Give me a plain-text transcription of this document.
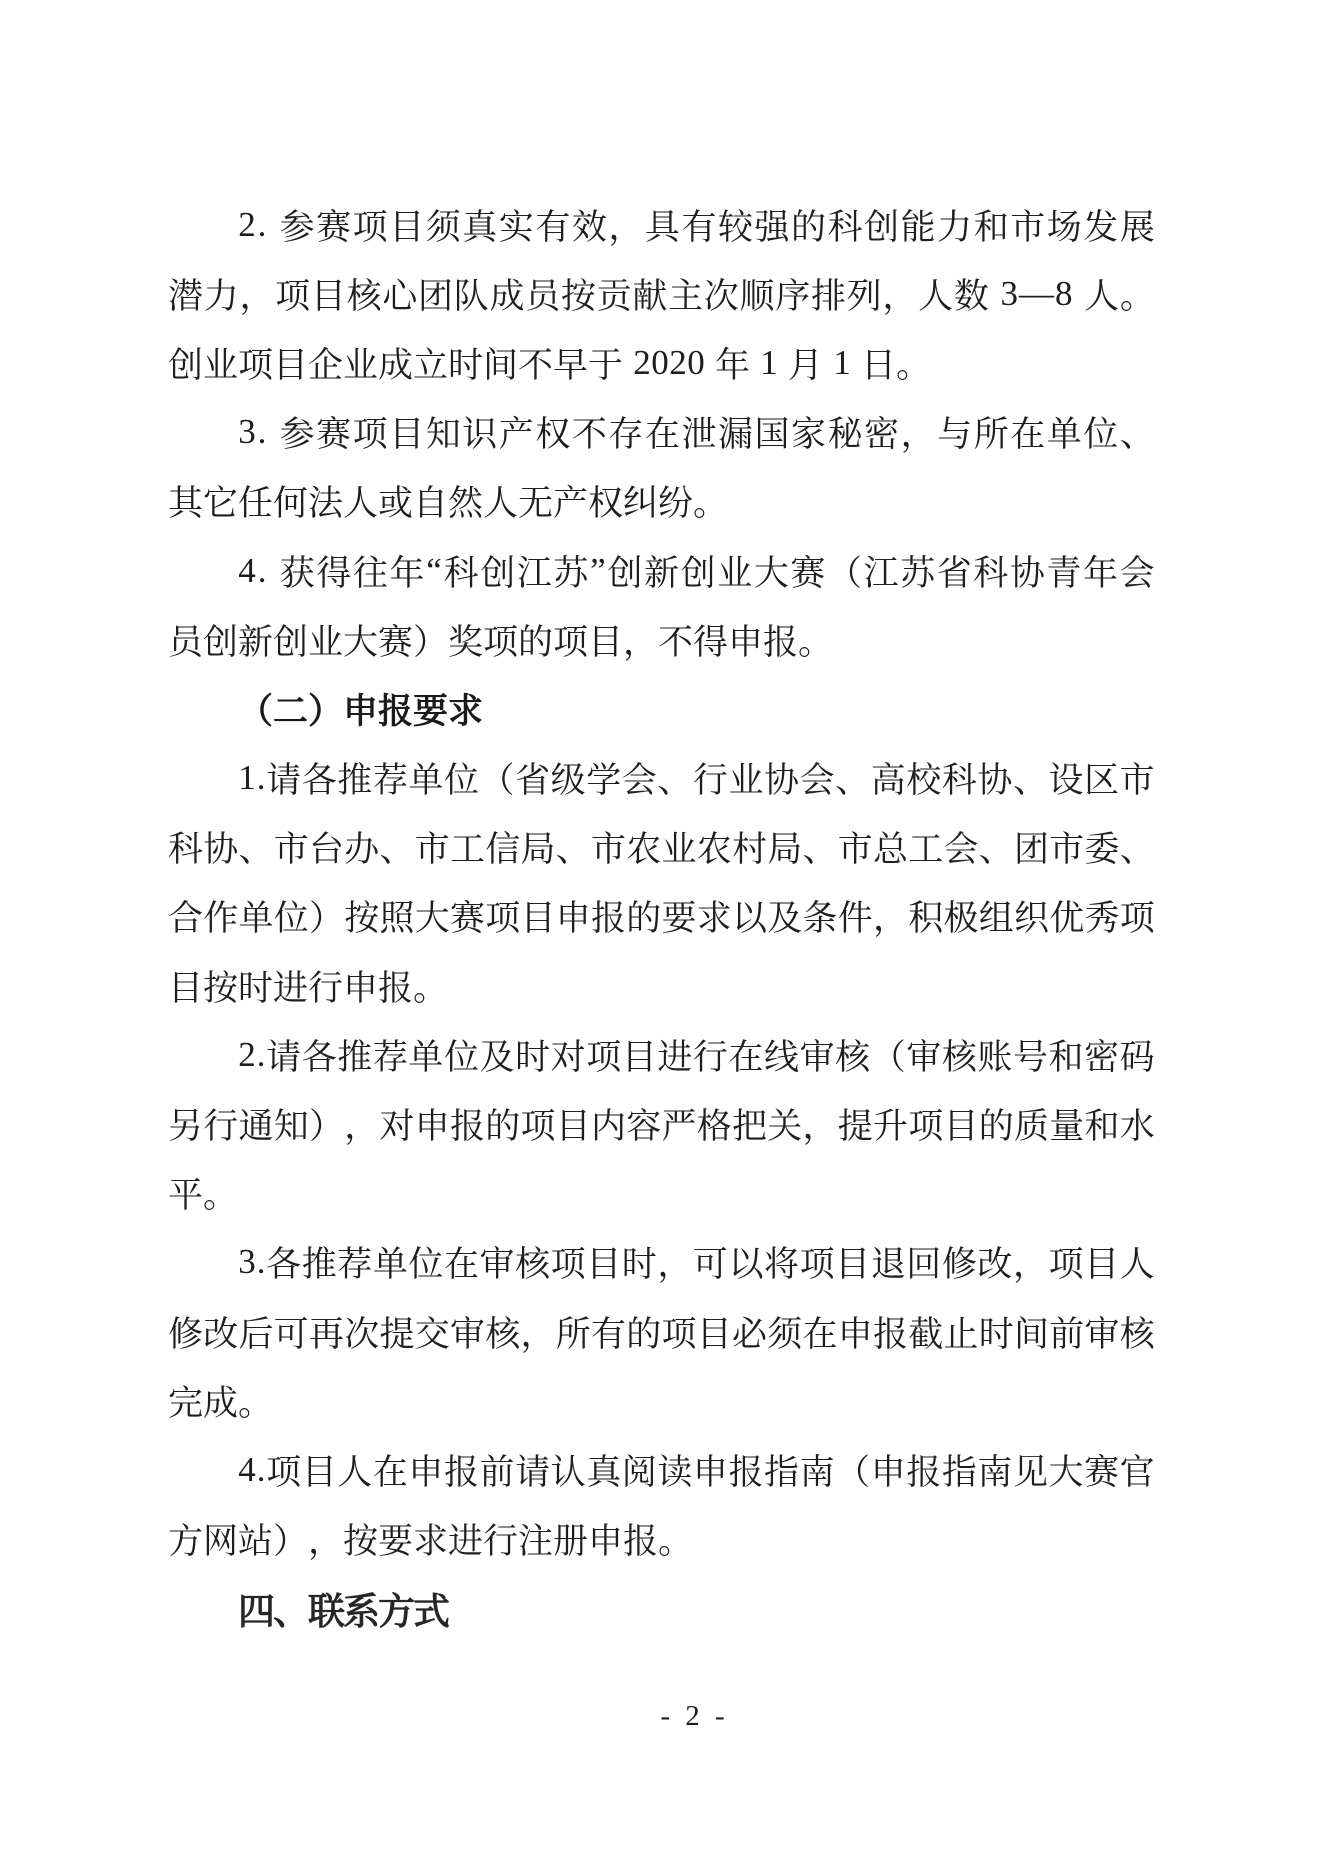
2 .
参 赛 项 目 须 真 实 有 效 ， 具 有 较 强 的 科 创 能 力 和 市 场 发 展
潜 力 ， 项 目 核 心 团 队 成 员 按 贡 献 主 次 顺 序 排 列 ， 人 数
3 — 8
人 。
创 业 项 目 企 业 成 立 时 间 不 早 于
2 0 2 0
年
1
月
1
日 。
3 .
参 赛 项 目 知 识 产 权 不 存 在 泄 漏 国 家 秘 密 ， 与 所 在 单 位 、
其 它 任 何 法 人 或 自 然 人 无 产 权 纠 纷 。
4 .
获 得 往 年 “ 科 创 江 苏 ” 创 新 创 业 大 赛 （ 江 苏 省 科 协 青 年 会
员 创 新 创 业 大 赛 ） 奖 项 的 项 目 ， 不 得 申 报 。
（ 二 ） 申 报 要 求
1 . 请 各 推 荐 单 位 （ 省 级 学 会 、 行 业 协 会 、 高 校 科 协 、 设 区 市
科 协 、 市 台 办 、 市 工 信 局 、 市 农 业 农 村 局 、 市 总 工 会 、 团 市 委 、
合 作 单 位 ） 按 照 大 赛 项 目 申 报 的 要 求 以 及 条 件 ， 积 极 组 织 优 秀 项
目 按 时 进 行 申 报 。
2 . 请 各 推 荐 单 位 及 时 对 项 目 进 行 在 线 审 核 （ 审 核 账 号 和 密 码
另 行 通 知 ） ， 对 申 报 的 项 目 内 容 严 格 把 关 ， 提 升 项 目 的 质 量 和 水
平 。
3 . 各 推 荐 单 位 在 审 核 项 目 时 ， 可 以 将 项 目 退 回 修 改 ， 项 目 人
修 改 后 可 再 次 提 交 审 核 ， 所 有 的 项 目 必 须 在 申 报 截 止 时 间 前 审 核
完 成 。
4 . 项 目 人 在 申 报 前 请 认 真 阅 读 申 报 指 南 （ 申 报 指 南 见 大 赛 官
方 网 站 ） ， 按 要 求 进 行 注 册 申 报 。
四
、
联
系
方
式
- 2 -
